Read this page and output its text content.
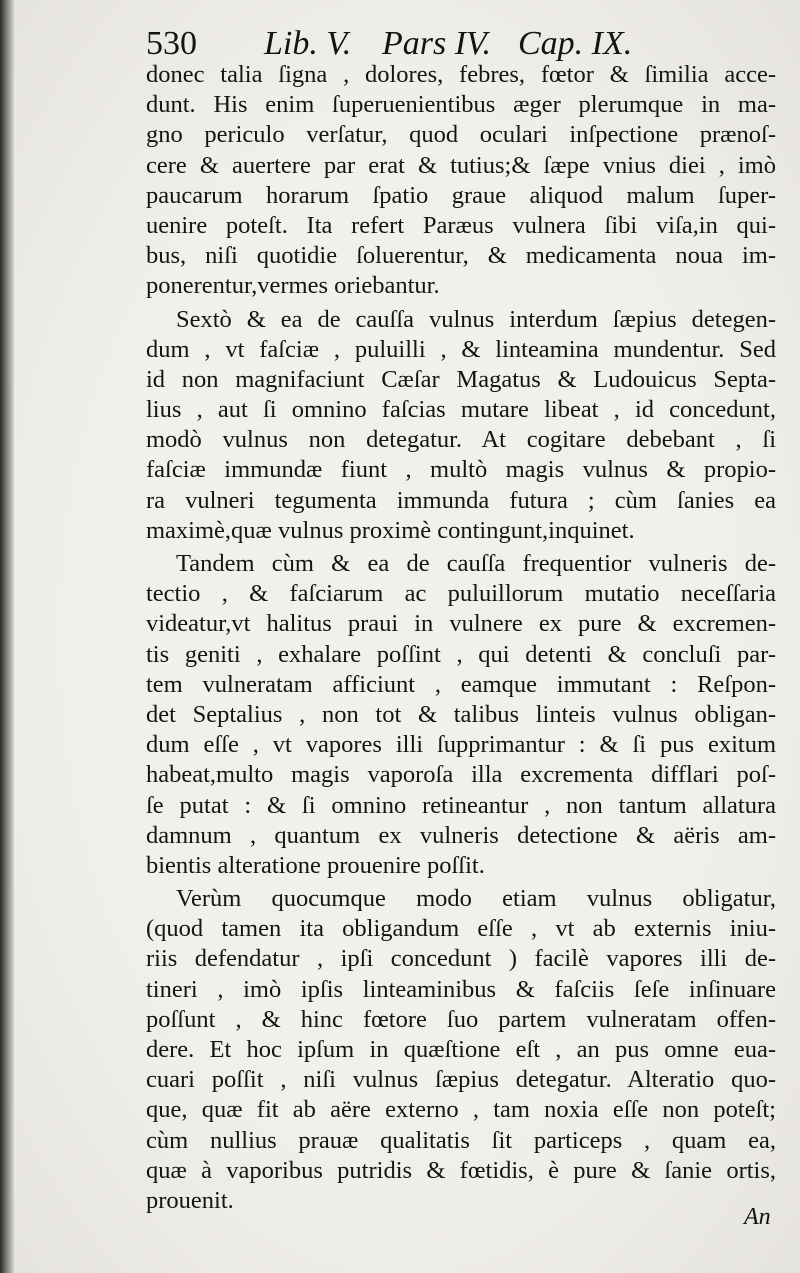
530 Lib. V. Pars IV. Cap. IX.
donec talia ſigna , dolores, febres, fœtor & ſimilia acce-
dunt. His enim ſuperuenientibus æger plerumque in ma-
gno periculo verſatur, quod oculari inſpectione prænoſ-
cere & auertere par erat & tutius;& ſæpe vnius diei , imò
paucarum horarum ſpatio graue aliquod malum ſuper-
uenire poteſt. Ita refert Paræus vulnera ſibi viſa,in qui-
bus, niſi quotidie ſoluerentur, & medicamenta noua im-
ponerentur,vermes oriebantur.
Sextò & ea de cauſſa vulnus interdum ſæpius detegen-
dum , vt faſciæ , puluilli , & linteamina mundentur. Sed
id non magnifaciunt Cæſar Magatus & Ludouicus Septa-
lius , aut ſi omnino faſcias mutare libeat , id concedunt,
modò vulnus non detegatur. At cogitare debebant , ſi
faſciæ immundæ fiunt , multò magis vulnus & propio-
ra vulneri tegumenta immunda futura ; cùm ſanies ea
maximè,quæ vulnus proximè contingunt,inquinet.
Tandem cùm & ea de cauſſa frequentior vulneris de-
tectio , & faſciarum ac puluillorum mutatio neceſſaria
videatur,vt halitus praui in vulnere ex pure & excremen-
tis geniti , exhalare poſſint , qui detenti & concluſi par-
tem vulneratam afficiunt , eamque immutant : Reſpon-
det Septalius , non tot & talibus linteis vulnus obligan-
dum eſſe , vt vapores illi ſupprimantur : & ſi pus exitum
habeat,multo magis vaporoſa illa excrementa difflari poſ-
ſe putat : & ſi omnino retineantur , non tantum allatura
damnum , quantum ex vulneris detectione & aëris am-
bientis alteratione prouenire poſſit.
Verùm quocumque modo etiam vulnus obligatur,
(quod tamen ita obligandum eſſe , vt ab externis iniu-
riis defendatur , ipſi concedunt ) facilè vapores illi de-
tineri , imò ipſis linteaminibus & faſciis ſeſe inſinuare
poſſunt , & hinc fœtore ſuo partem vulneratam offen-
dere. Et hoc ipſum in quæſtione eſt , an pus omne eua-
cuari poſſit , niſi vulnus ſæpius detegatur. Alteratio quo-
que, quæ fit ab aëre externo , tam noxia eſſe non poteſt;
cùm nullius prauæ qualitatis ſit particeps , quam ea,
quæ à vaporibus putridis & fœtidis, è pure & ſanie ortis,
prouenit.
An
